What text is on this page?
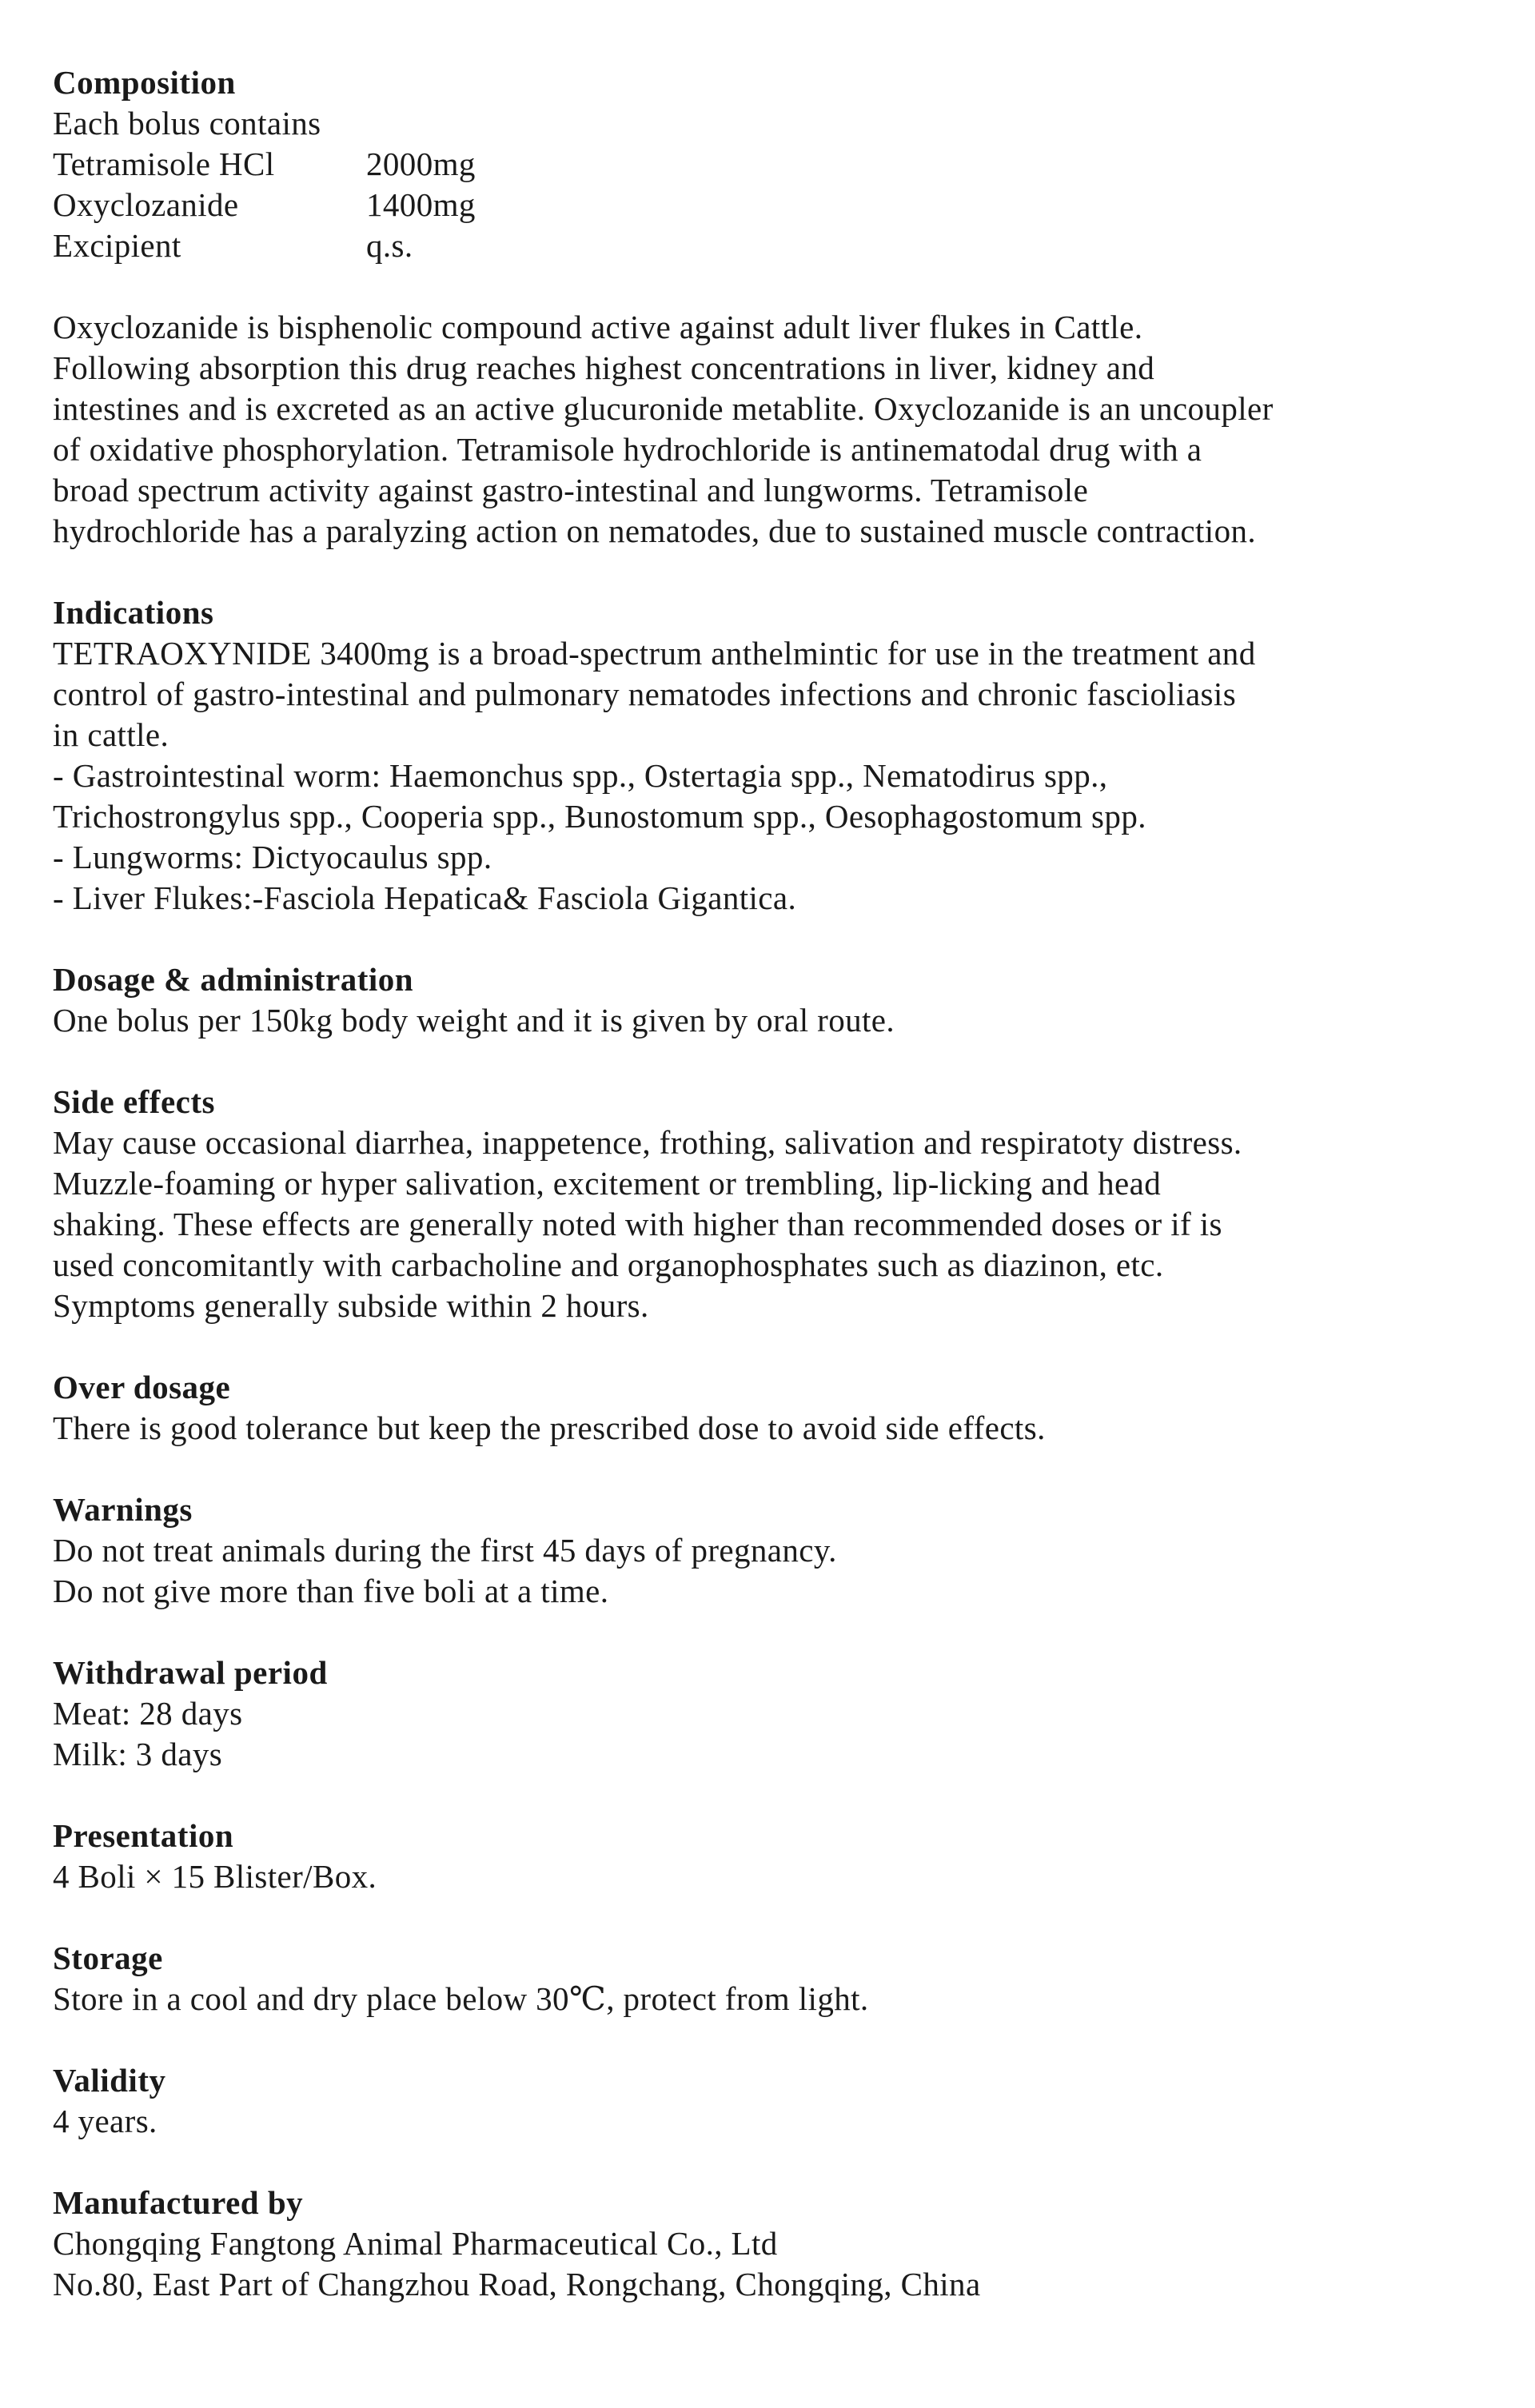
Composition
Each bolus contains
Tetramisole HCl	2000mg
Oxyclozanide	1400mg
Excipient	q.s.
Oxyclozanide is bisphenolic compound active against adult liver flukes in Cattle.
Following absorption this drug reaches highest concentrations in liver, kidney and
intestines and is excreted as an active glucuronide metablite. Oxyclozanide is an uncoupler
of oxidative phosphorylation. Tetramisole hydrochloride is antinematodal drug with a
broad spectrum activity against gastro-intestinal and lungworms. Tetramisole
hydrochloride has a paralyzing action on nematodes, due to sustained muscle contraction.
Indications
TETRAOXYNIDE 3400mg is a broad-spectrum anthelmintic for use in the treatment and
control of gastro-intestinal and pulmonary nematodes infections and chronic fascioliasis
in cattle.
- Gastrointestinal worm: Haemonchus spp., Ostertagia spp., Nematodirus spp.,
Trichostrongylus spp., Cooperia spp., Bunostomum spp., Oesophagostomum spp.
- Lungworms: Dictyocaulus spp.
- Liver Flukes:-Fasciola Hepatica& Fasciola Gigantica.
Dosage & administration
One bolus per 150kg body weight and it is given by oral route.
Side effects
May cause occasional diarrhea, inappetence, frothing, salivation and respiratoty distress.
Muzzle-foaming or hyper salivation, excitement or trembling, lip-licking and head
shaking. These effects are generally noted with higher than recommended doses or if is
used concomitantly with carbacholine and organophosphates such as diazinon, etc.
Symptoms generally subside within 2 hours.
Over dosage
There is good tolerance but keep the prescribed dose to avoid side effects.
Warnings
Do not treat animals during the first 45 days of pregnancy.
Do not give more than five boli at a time.
Withdrawal period
Meat: 28 days
Milk: 3 days
Presentation
4 Boli × 15 Blister/Box.
Storage
Store in a cool and dry place below 30℃, protect from light.
Validity
4 years.
Manufactured by
Chongqing Fangtong Animal Pharmaceutical Co., Ltd
No.80, East Part of Changzhou Road, Rongchang, Chongqing, China
